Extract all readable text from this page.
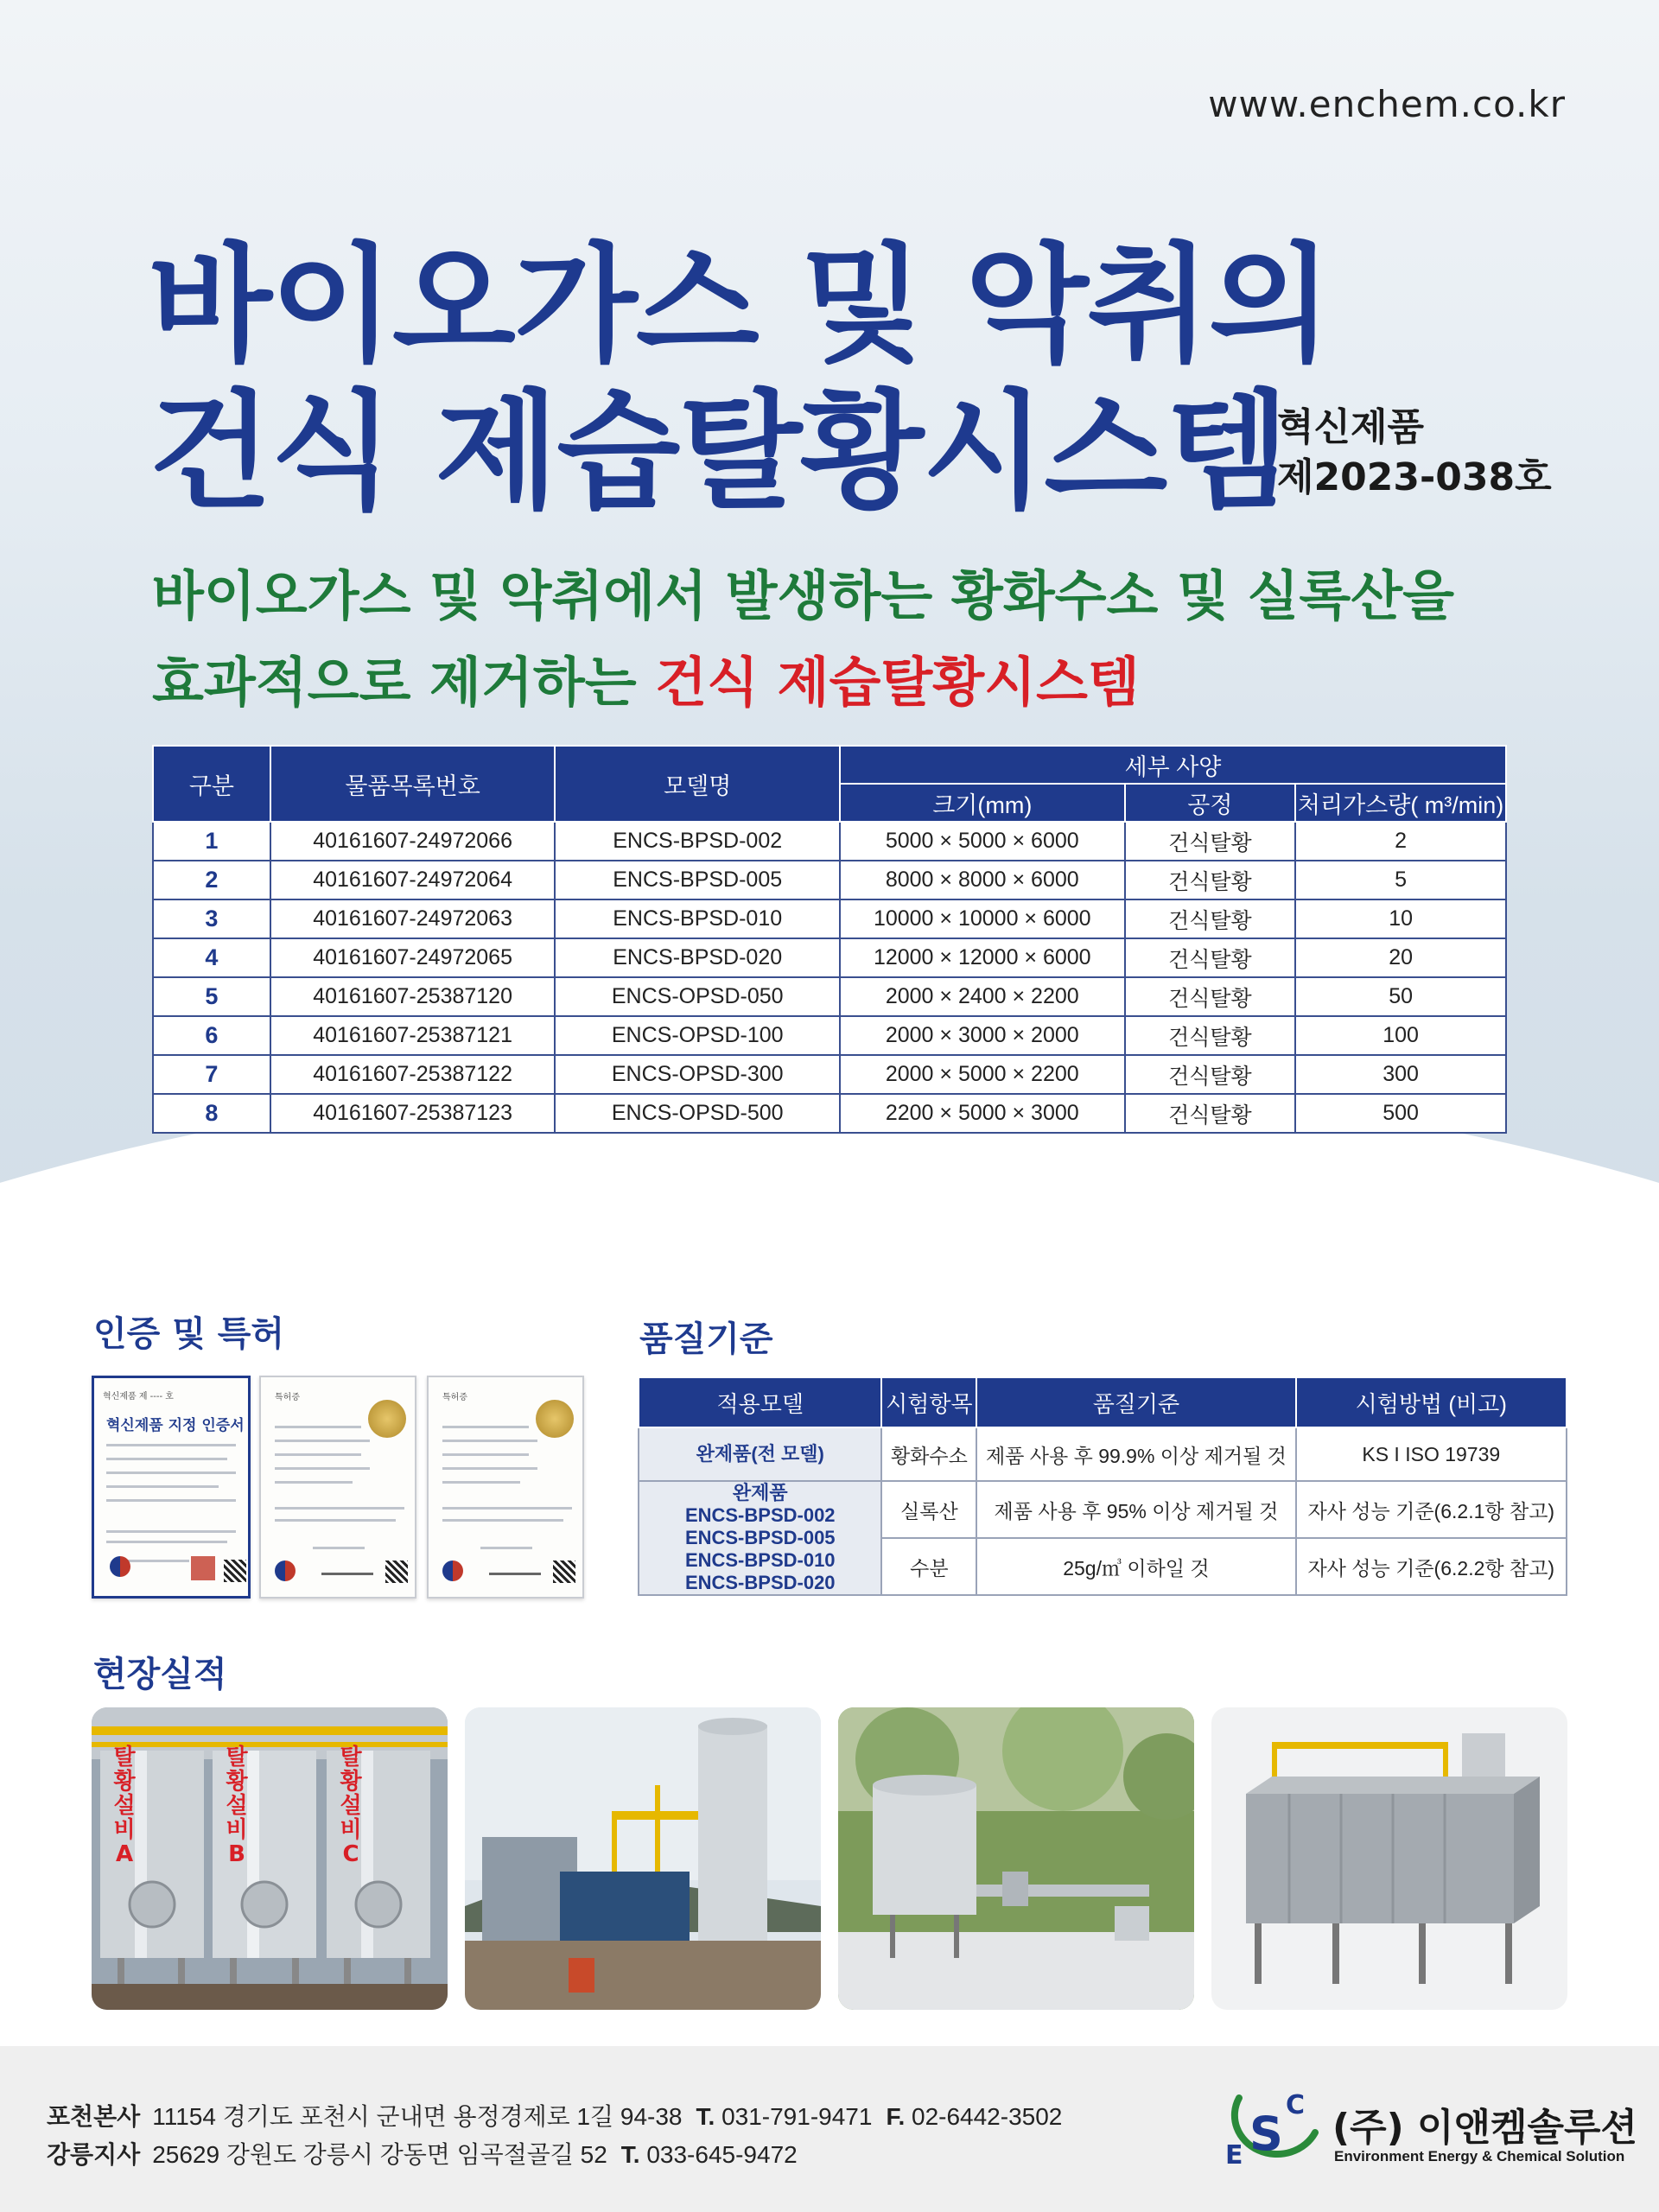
www.enchem.co.kr
바이오가스 및 악취의
건식 제습탈황시스템
혁신제품
제2023-038호
바이오가스 및 악취에서 발생하는 황화수소 및 실록산을
효과적으로 제거하는 건식 제습탈황시스템
구분	물품목록번호	모델명	세부 사양		
			크기(mm)	공정	처리가스량( m³/min)
1	40161607-24972066	ENCS-BPSD-002	5000 × 5000 × 6000	건식탈황	2
2	40161607-24972064	ENCS-BPSD-005	8000 × 8000 × 6000	건식탈황	5
3	40161607-24972063	ENCS-BPSD-010	10000 × 10000 × 6000	건식탈황	10
4	40161607-24972065	ENCS-BPSD-020	12000 × 12000 × 6000	건식탈황	20
5	40161607-25387120	ENCS-OPSD-050	2000 × 2400 × 2200	건식탈황	50
6	40161607-25387121	ENCS-OPSD-100	2000 × 3000 × 2000	건식탈황	100
7	40161607-25387122	ENCS-OPSD-300	2000 × 5000 × 2200	건식탈황	300
8	40161607-25387123	ENCS-OPSD-500	2200 × 5000 × 3000	건식탈황	500
인증 및 특허
혁신제품 제 ---- 호
혁신제품 지정 인증서
특허증	특허증
품질기준
적용모델	시험항목	품질기준	시험방법 (비고)
완제품(전 모델)	황화수소	제품 사용 후 99.9% 이상 제거될 것	KS I ISO 19739

완제품
ENCS-BPSD-002
ENCS-BPSD-005
ENCS-BPSD-010
ENCS-BPSD-020	실록산	제품 사용 후 95% 이상 제거될 것	자사 성능 기준(6.2.1항 참고)
	수분	25g/㎥ 이하일 것	자사 성능 기준(6.2.2항 참고)
현장실적
탈황설비A
탈황설비B
탈황설비C
포천본사 11154 경기도 포천시 군내면 용정경제로 1길 94-38 T. 031-791-9471 F. 02-6442-3502
강릉지사 25629 강원도 강릉시 강동면 임곡절골길 52 T. 033-645-9472	E S
C
(주) 이앤켐솔루션
Environment Energy & Chemical Solution
